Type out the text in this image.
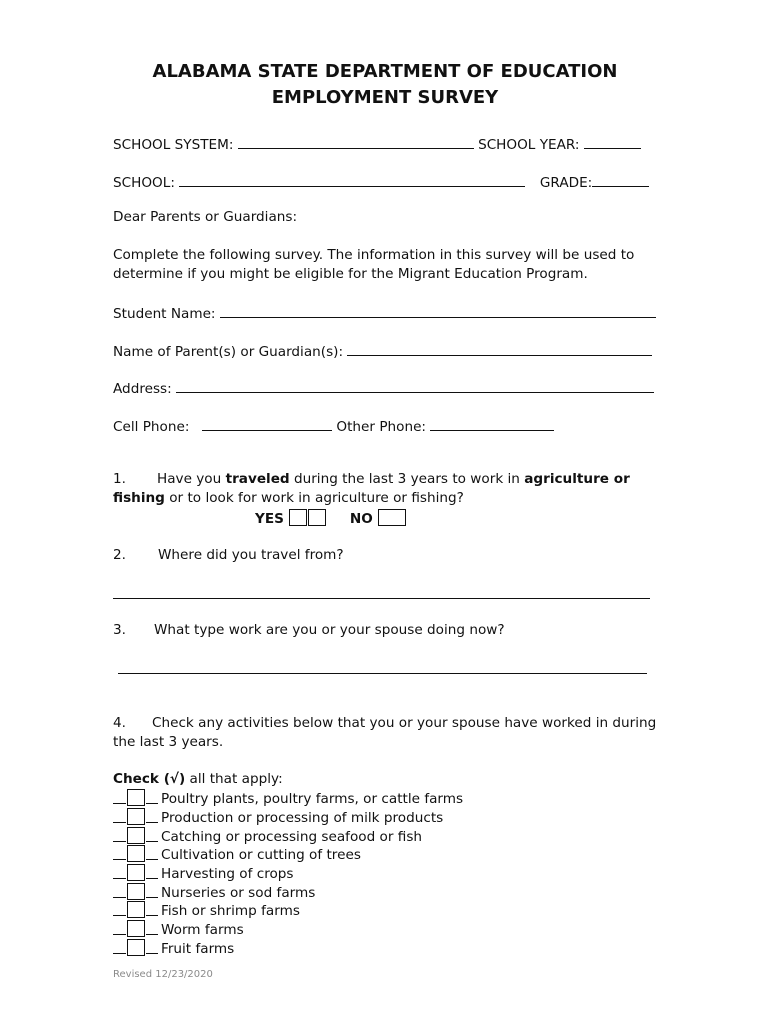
ALABAMA STATE DEPARTMENT OF EDUCATION
EMPLOYMENT SURVEY
SCHOOL SYSTEM:	SCHOOL YEAR:
SCHOOL:	GRADE:
Dear Parents or Guardians:
Complete the following survey. The information in this survey will be used to
determine if you might be eligible for the Migrant Education Program.
Student Name:
Name of Parent(s) or Guardian(s):
Address:
Cell Phone:	Other Phone:
1. Have you traveled during the last 3 years to work in agriculture or
fishing or to look for work in agriculture or fishing?
YES	NO
2. Where did you travel from?
3. What type work are you or your spouse doing now?
4. Check any activities below that you or your spouse have worked in during
the last 3 years.
Check (√) all that apply:
Poultry plants, poultry farms, or cattle farms
Production or processing of milk products
Catching or processing seafood or fish
Cultivation or cutting of trees
Harvesting of crops
Nurseries or sod farms
Fish or shrimp farms
Worm farms
Fruit farms
Revised 12/23/2020
